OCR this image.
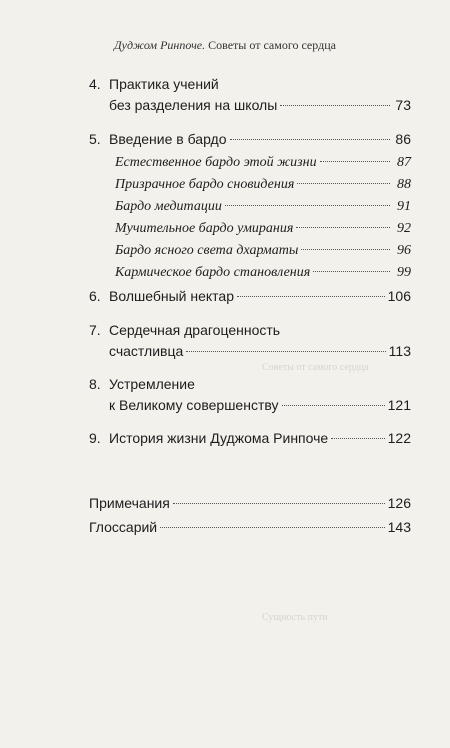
Дуджом Ринпоче. Советы от самого сердца
Советы от самого сердца
Сущность пути
4. Практика учений
без разделения на школы	73
5. Введение в бардо	86
Естественное бардо этой жизни	87
Призрачное бардо сновидения	88
Бардо медитации	91
Мучительное бардо умирания	92
Бардо ясного света дхарматы	96
Кармическое бардо становления	99
6. Волшебный нектар	106
7. Сердечная драгоценность
счастливца	113
8. Устремление
к Великому совершенству	121
9. История жизни Дуджома Ринпоче	122
Примечания	126
Глоссарий	143
